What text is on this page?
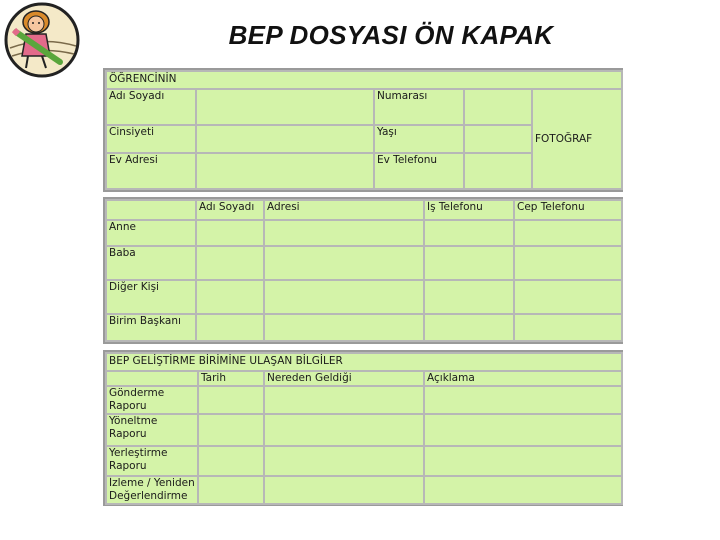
BEP DOSYASI ÖN KAPAK
ÖĞRENCİNİN				

Adı Soyadı		Numarası		FOTOĞRAF
Cinsiyeti		Yaşı		
Ev Adresi		Ev Telefonu		
	Adı Soyadı	Adresi	İş Telefonu	Cep Telefonu
Anne				
Baba				
Diğer Kişi				
Birim Başkanı				
BEP GELİŞTİRME BİRİMİNE ULAŞAN BİLGİLER			

	Tarih	Nereden Geldiği	Açıklama
Gönderme Raporu			
Yöneltme Raporu			
Yerleştirme Raporu			
İzleme / Yeniden Değerlendirme			
